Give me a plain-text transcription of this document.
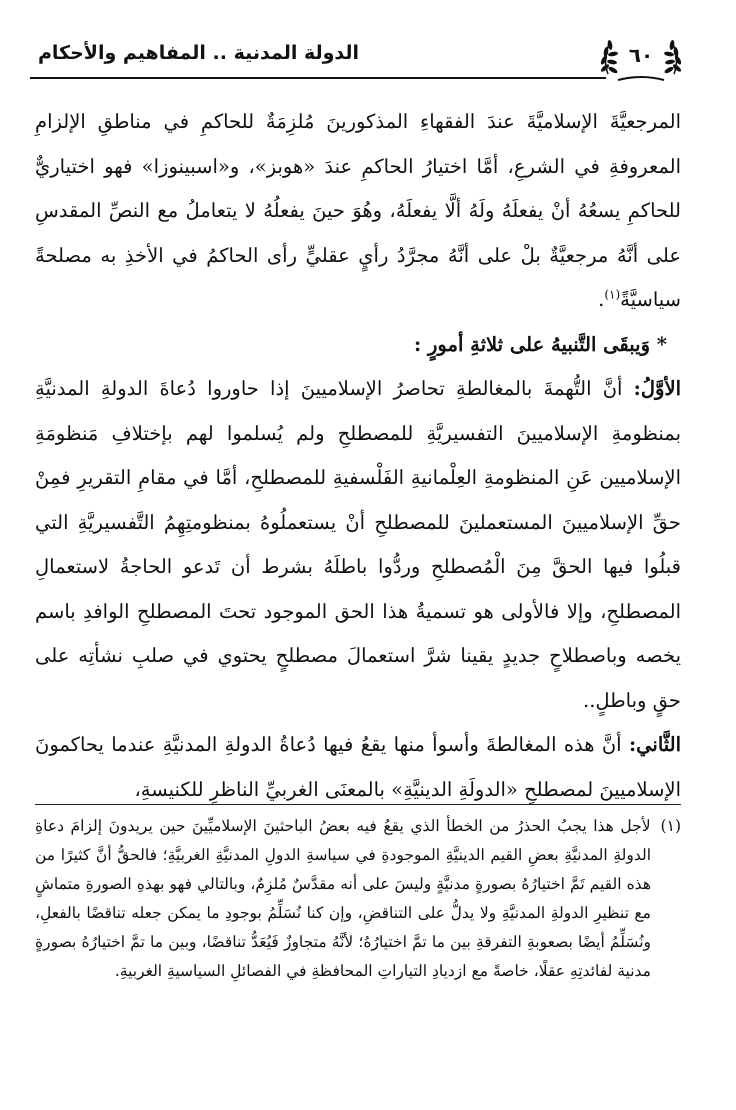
الدولة المدنية .. المفاهيم والأحكام	٦٠

المرجعيَّةَ الإسلاميَّةَ عندَ الفقهاءِ المذكورينَ مُلزِمَةٌ للحاكمِ في مناطقِ الإلزامِ المعروفةِ في الشرعِ، أمَّا اختيارُ الحاكمِ عندَ «هوبز»، و«اسبينوزا» فهو اختياريٌّ للحاكمِ يسعُهُ أنْ يفعلَهُ ولَهُ ألَّا يفعلَهُ، وهُوَ حينَ يفعلُهُ لا يتعاملُ مع النصِّ المقدسِ على أنَّهُ مرجعيَّةٌ بلْ على أنَّهُ مجرَّدُ رأيٍ عقليٍّ رأى الحاكمُ في الأخذِ به مصلحةً سياسيَّةً$^{(١)}$.

* وَيبقَى التَّنبيهُ على ثلاثةِ أمورٍ :

الأوَّلُ: أنَّ التُّهمةَ بالمغالطةِ تحاصرُ الإسلاميينَ إذا حاوروا دُعاةَ الدولةِ المدنيَّةِ بمنظومةِ الإسلاميينَ التفسيريَّةِ للمصطلحِ ولم يُسلموا لهم بإختلافِ مَنظومَةِ الإسلاميين عَنِ المنظومةِ العِلْمانيةِ الفَلْسفيةِ للمصطلحِ، أمَّا في مقامِ التقريرِ فمِنْ حقِّ الإسلاميينَ المستعملينَ للمصطلحِ أنْ يستعملُوهُ بمنظومتِهِمُ التَّفسيريَّةِ التي قبلُوا فيها الحقَّ مِنَ الْمُصطلحِ وردُّوا باطلَهُ بشرط أن تَدعو الحاجةُ لاستعمالِ المصطلحِ، وإلا فالأولى هو تسميةُ هذا الحق الموجود تحتَ المصطلحِ الوافدِ باسم يخصه وباصطلاحٍ جديدٍ يقينا شرَّ استعمالَ مصطلحٍ يحتوي في صلبِ نشأتِه على حقٍ وباطلٍ..

الثَّاني: أنَّ هذه المغالطةَ وأسوأ منها يقعُ فيها دُعاةُ الدولةِ المدنيَّةِ عندما يحاكمونَ الإسلاميينَ لمصطلحِ «الدولَةِ الدينيَّةِ» بالمعنَى الغربيِّ الناظرِ للكنيسةِ،

(١)
لأجل هذا يجبُ الحذرُ من الخطأ الذي يقعُ فيه بعضُ الباحثينَ الإسلاميِّينَ حين يريدونَ إلزامَ دعاةِ الدولةِ المدنيَّةِ بعضِ القيم الدينيَّةِ الموجودةِ في سياسةِ الدولِ المدنيَّةِ الغربيَّةِ؛ فالحقُّ أنَّ كثيرًا من هذه القيم تَمَّ اختيارُهُ بصورةٍ مدنيَّةٍ وليسَ على أنه مقدَّسٌ مُلزِمٌ، وبالتالي فهو بهذهِ الصورةِ متماشٍ مع تنظيرِ الدولةِ المدنيَّةِ ولا يدلُّ على التناقضِ، وإن كنا نُسَلِّمُ بوجودِ ما يمكن جعله تناقضًا بالفعلِ، ونُسَلِّمُ أيضًا بصعوبةِ التفرقةِ بين ما تمَّ اختيارُهُ؛ لأنَّهُ متجاوزٌ فَيُعَدُّ تناقضًا، وبين ما تمَّ اختيارُهُ بصورةٍ مدنية لفائدتِهِ عقلًا، خاصةً مع ازديادِ التياراتِ المحافظةِ في الفصائلِ السياسيةِ الغربيةِ.
